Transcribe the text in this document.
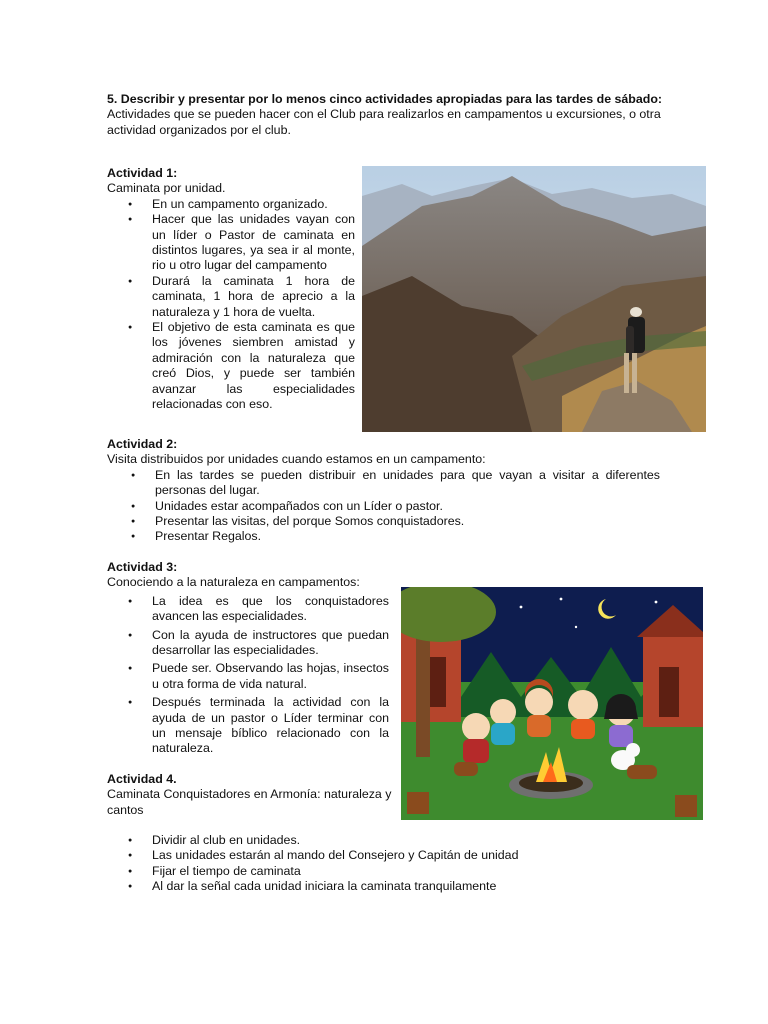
5. Describir y presentar por lo menos cinco actividades apropiadas para las tardes de sábado:

Actividades que se pueden hacer con el Club para realizarlos en campamentos u excursiones, o otra actividad organizados por el club.

Actividad 1:

Caminata por unidad.

● En un campamento organizado.
● Hacer que las unidades vayan con un líder o Pastor de caminata en distintos lugares, ya sea ir al monte, rio u otro lugar del campamento
● Durará la caminata 1 hora de caminata, 1 hora de aprecio a la naturaleza y 1 hora de vuelta.
● El objetivo de esta caminata es que los jóvenes siembren amistad y admiración con la naturaleza que creó Dios, y puede ser también avanzar las especialidades relacionadas con eso.

Actividad 2:

Visita distribuidos por unidades cuando estamos en un campamento:

● En las tardes se pueden distribuir en unidades para que vayan a visitar a diferentes personas del lugar.
● Unidades estar acompañados con un Líder o pastor.
● Presentar las visitas, del porque Somos conquistadores.
● Presentar Regalos.

Actividad 3:

Conociendo a la naturaleza en campamentos:

● La idea es que los conquistadores avancen las especialidades.
● Con la ayuda de instructores que puedan desarrollar las especialidades.
● Puede ser. Observando las hojas, insectos u otra forma de vida natural.
● Después terminada la actividad con la ayuda de un pastor o Líder terminar con un mensaje bíblico relacionado con la naturaleza.

Actividad 4.

Caminata Conquistadores en Armonía: naturaleza y cantos

● Dividir al club en unidades.
● Las unidades estarán al mando del Consejero y Capitán de unidad
● Fijar el tiempo de caminata
● Al dar la señal cada unidad iniciara la caminata tranquilamente
